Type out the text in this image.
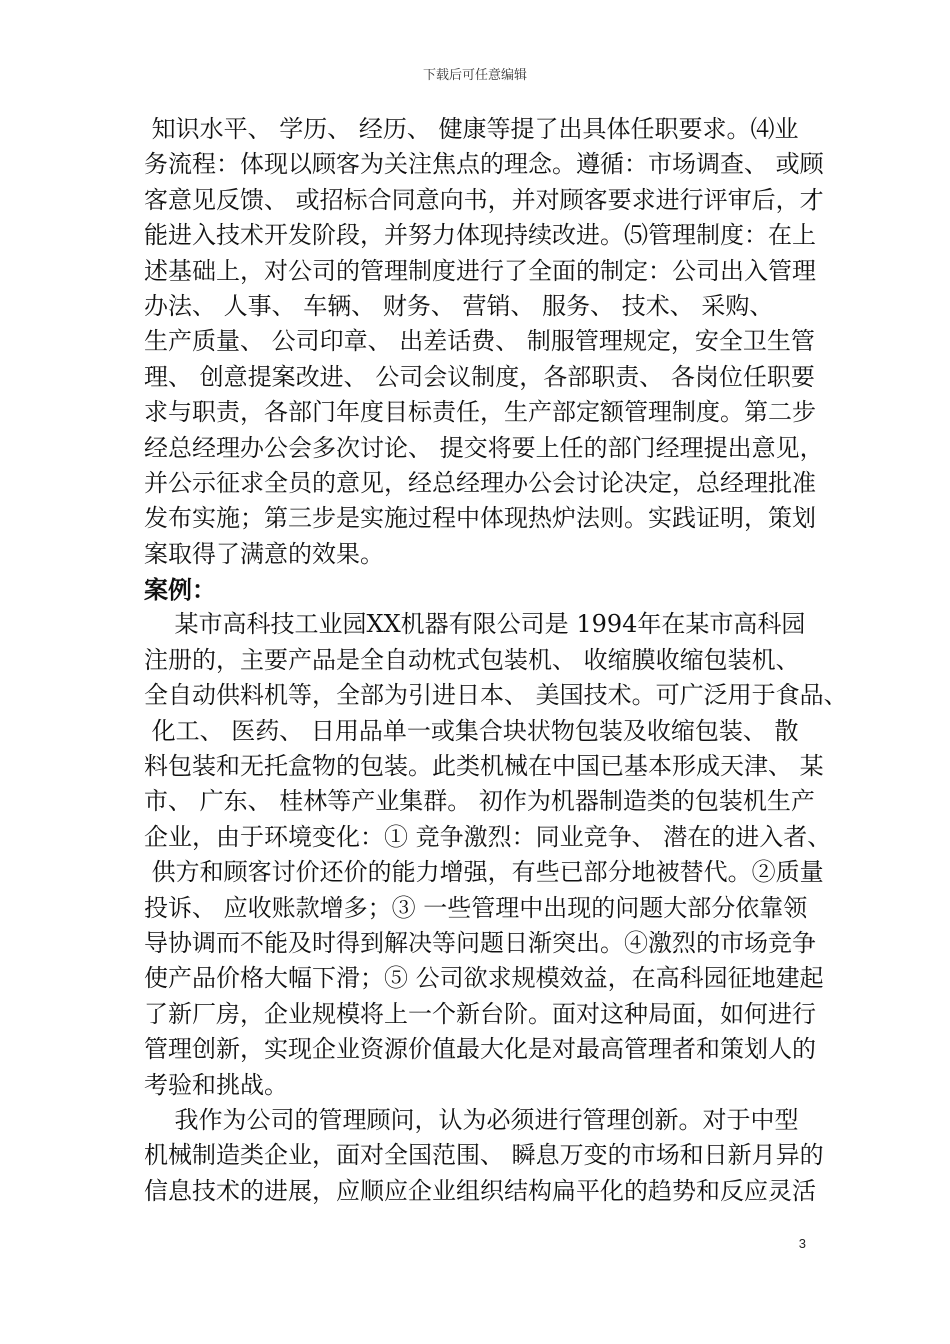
下载后可任意编辑
知识水平、 学历、 经历、 健康等提了出具体任职要求。⑷业
务流程：体现以顾客为关注焦点的理念。遵循：市场调查、 或顾
客意见反馈、 或招标合同意向书，并对顾客要求进行评审后，才
能进入技术开发阶段，并努力体现持续改进。⑸管理制度：在上
述基础上，对公司的管理制度进行了全面的制定：公司出入管理
办法、 人事、 车辆、 财务、 营销、 服务、 技术、 采购、
生产质量、 公司印章、 出差话费、 制服管理规定，安全卫生管
理、 创意提案改进、 公司会议制度，各部职责、 各岗位任职要
求与职责，各部门年度目标责任，生产部定额管理制度。第二步
经总经理办公会多次讨论、 提交将要上任的部门经理提出意见，
并公示征求全员的意见，经总经理办公会讨论决定，总经理批准
发布实施；第三步是实施过程中体现热炉法则。实践证明，策划
案取得了满意的效果。
案例：
某市高科技工业园XX机器有限公司是 1994年在某市高科园
注册的，主要产品是全自动枕式包装机、 收缩膜收缩包装机、
全自动供料机等，全部为引进日本、 美国技术。可广泛用于食品、
化工、 医药、 日用品单一或集合块状物包装及收缩包装、 散
料包装和无托盒物的包装。此类机械在中国已基本形成天津、 某
市、 广东、 桂林等产业集群。 初作为机器制造类的包装机生产
企业，由于环境变化：① 竞争激烈：同业竞争、 潜在的进入者、
供方和顾客讨价还价的能力增强，有些已部分地被替代。②质量
投诉、 应收账款增多；③ 一些管理中出现的问题大部分依靠领
导协调而不能及时得到解决等问题日渐突出。④激烈的市场竞争
使产品价格大幅下滑；⑤ 公司欲求规模效益，在高科园征地建起
了新厂房，企业规模将上一个新台阶。面对这种局面，如何进行
管理创新，实现企业资源价值最大化是对最高管理者和策划人的
考验和挑战。
我作为公司的管理顾问，认为必须进行管理创新。对于中型
机械制造类企业，面对全国范围、 瞬息万变的市场和日新月异的
信息技术的进展，应顺应企业组织结构扁平化的趋势和反应灵活
3
